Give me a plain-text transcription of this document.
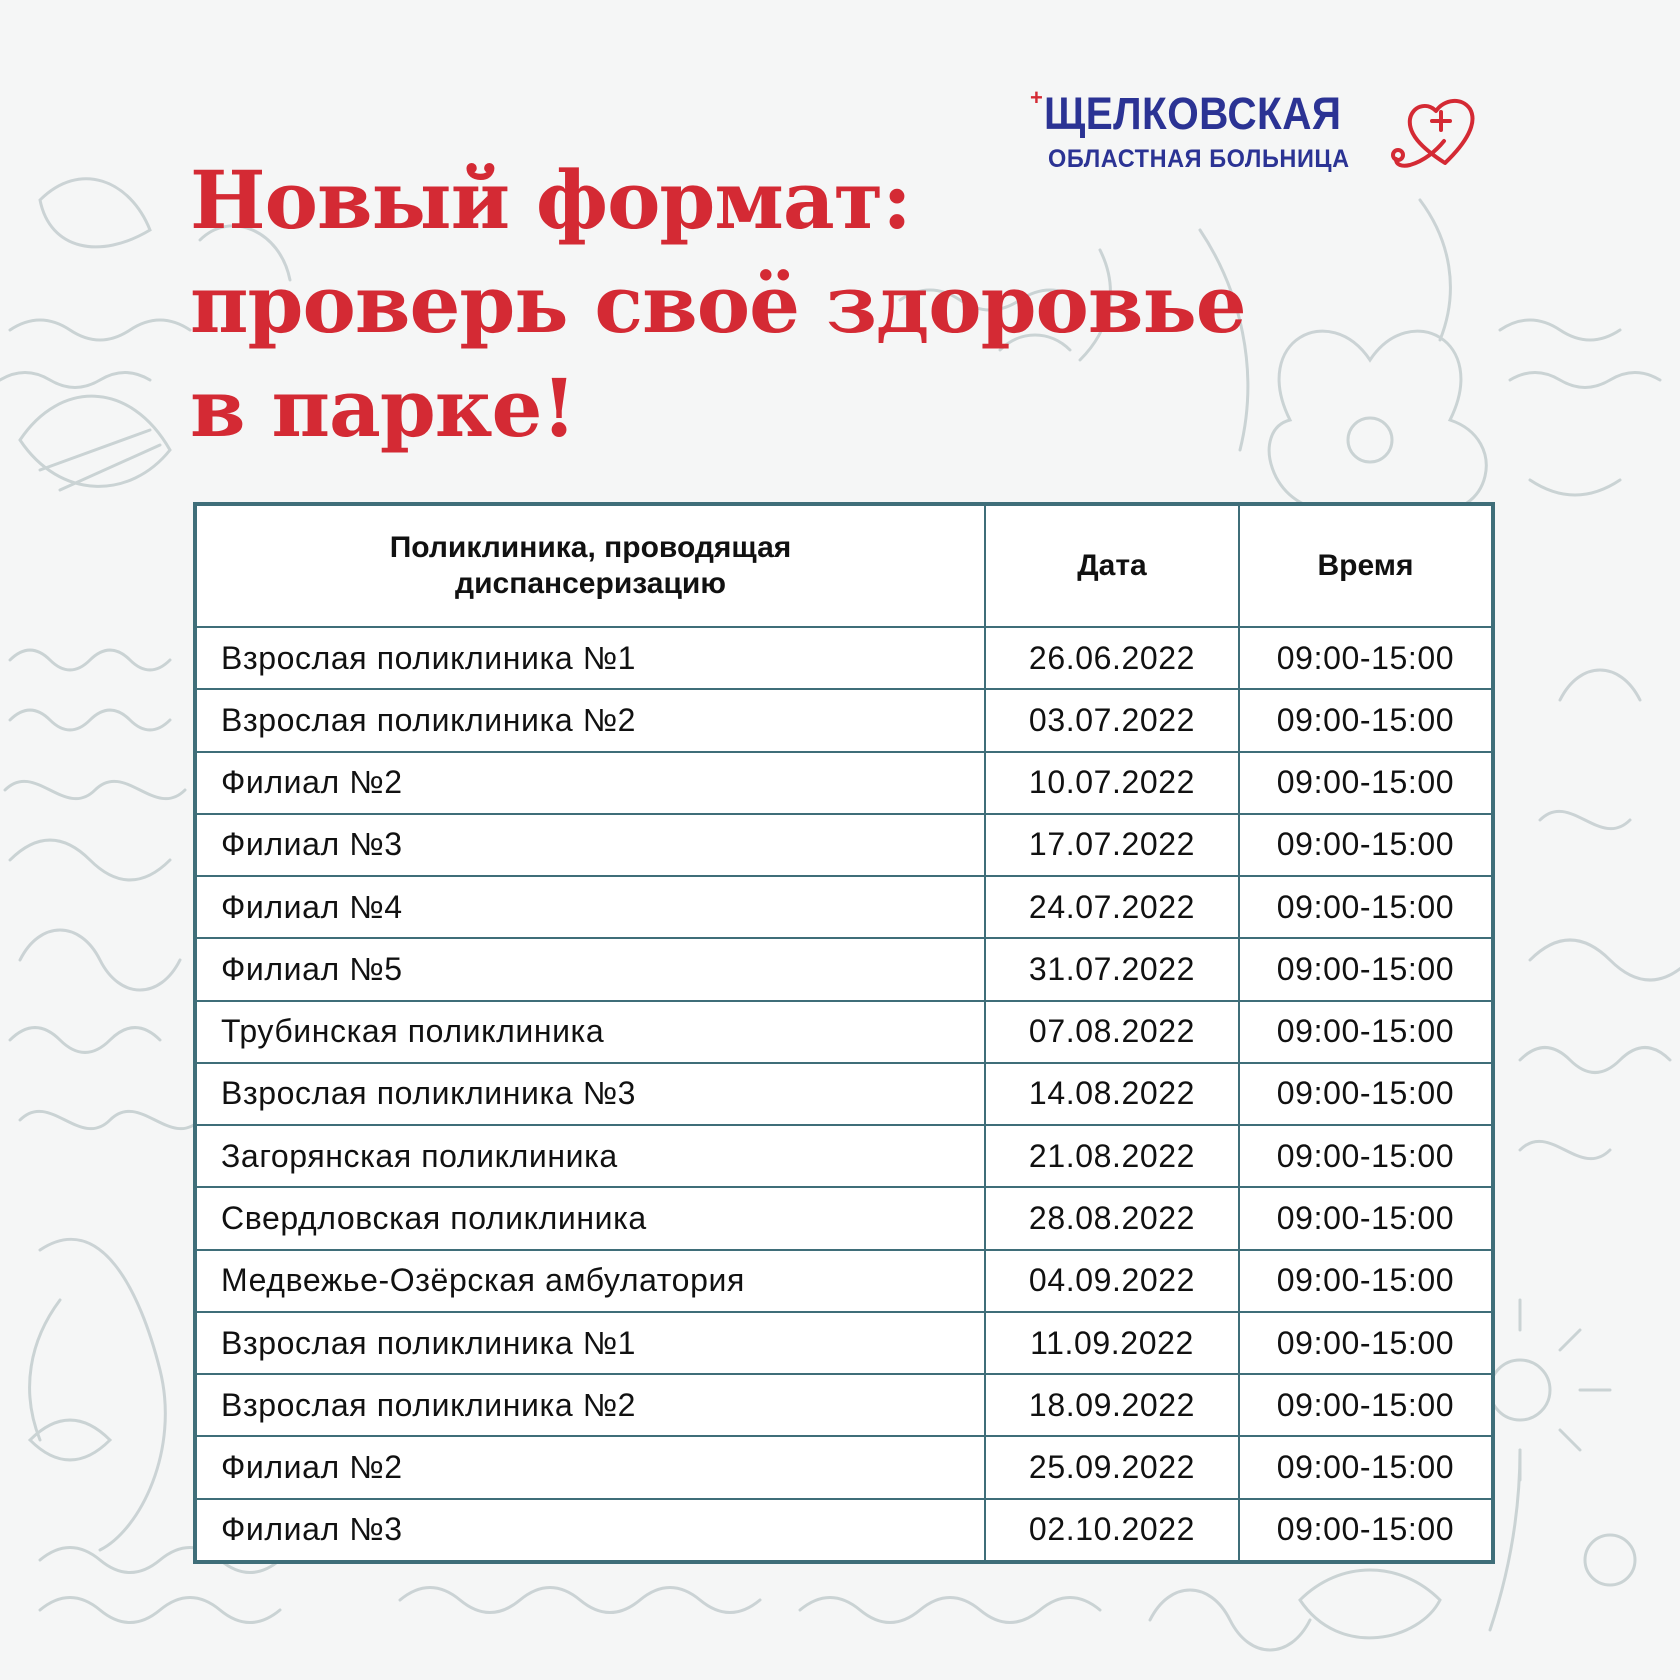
+ ЩЕЛКОВСКАЯ
ОБЛАСТНАЯ БОЛЬНИЦА
Новый формат:
проверь своё здоровье
в парке!
Поликлиника, проводящая диспансеризацию	Дата	Время
Взрослая поликлиника №1	26.06.2022	09:00-15:00
Взрослая поликлиника №2	03.07.2022	09:00-15:00
Филиал №2	10.07.2022	09:00-15:00
Филиал №3	17.07.2022	09:00-15:00
Филиал №4	24.07.2022	09:00-15:00
Филиал №5	31.07.2022	09:00-15:00
Трубинская поликлиника	07.08.2022	09:00-15:00
Взрослая поликлиника №3	14.08.2022	09:00-15:00
Загорянская поликлиника	21.08.2022	09:00-15:00
Свердловская поликлиника	28.08.2022	09:00-15:00
Медвежье-Озёрская амбулатория	04.09.2022	09:00-15:00
Взрослая поликлиника №1	11.09.2022	09:00-15:00
Взрослая поликлиника №2	18.09.2022	09:00-15:00
Филиал №2	25.09.2022	09:00-15:00
Филиал №3	02.10.2022	09:00-15:00
